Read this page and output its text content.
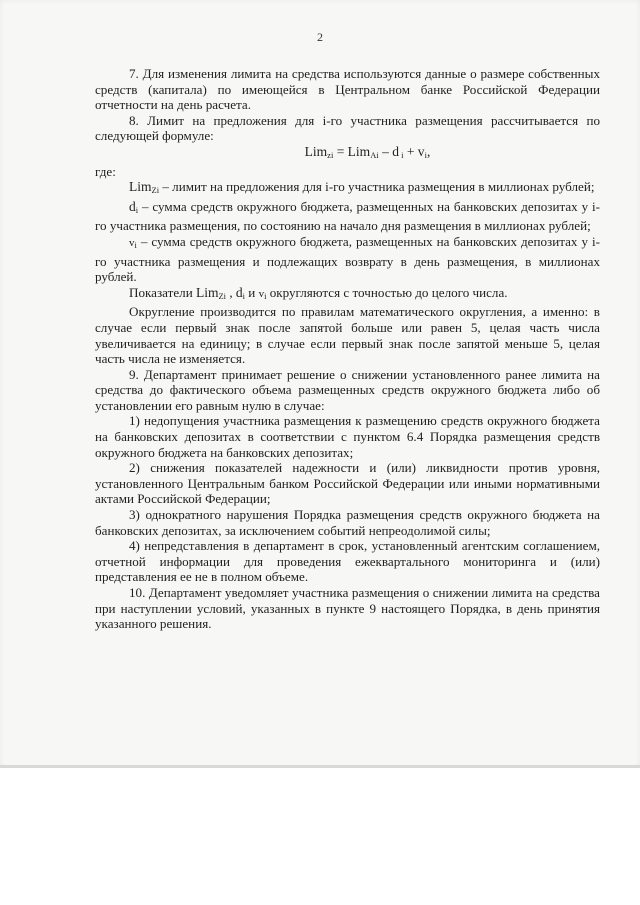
2

7. Для изменения лимита на средства используются данные о размере собственных средств (капитала) по имеющейся в Центральном банке Российской Федерации отчетности на день расчета.

8. Лимит на предложения для i-го участника размещения рассчитывается по следующей формуле:

Lim$_{zi}$ = Lim$_{Ai}$ – d $_i + v_i$,

где:

Lim$_{Zi}$ – лимит на предложения для i-го участника размещения в миллионах рублей;

$d_i$ – сумма средств окружного бюджета, размещенных на банковских депозитах у i-го участника размещения, по состоянию на начало дня размещения в миллионах рублей;

$v_i$ – сумма средств окружного бюджета, размещенных на банковских депозитах у i-го участника размещения и подлежащих возврату в день размещения, в миллионах рублей.

Показатели Lim$_{Zi}$ , $d_i$ и $v_i$ округляются с точностью до целого числа.

Округление производится по правилам математического округления, а именно: в случае если первый знак после запятой больше или равен 5, целая часть числа увеличивается на единицу; в случае если первый знак после запятой меньше 5, целая часть числа не изменяется.

9. Департамент принимает решение о снижении установленного ранее лимита на средства до фактического объема размещенных средств окружного бюджета либо об установлении его равным нулю в случае:

1) недопущения участника размещения к размещению средств окружного бюджета на банковских депозитах в соответствии с пунктом 6.4 Порядка размещения средств окружного бюджета на банковских депозитах;

2) снижения показателей надежности и (или) ликвидности против уровня, установленного Центральным банком Российской Федерации или иными нормативными актами Российской Федерации;

3) однократного нарушения Порядка размещения средств окружного бюджета на банковских депозитах, за исключением событий непреодолимой силы;

4) непредставления в департамент в срок, установленный агентским соглашением, отчетной информации для проведения ежеквартального мониторинга и (или) представления ее не в полном объеме.

10. Департамент уведомляет участника размещения о снижении лимита на средства при наступлении условий, указанных в пункте 9 настоящего Порядка, в день принятия указанного решения.
